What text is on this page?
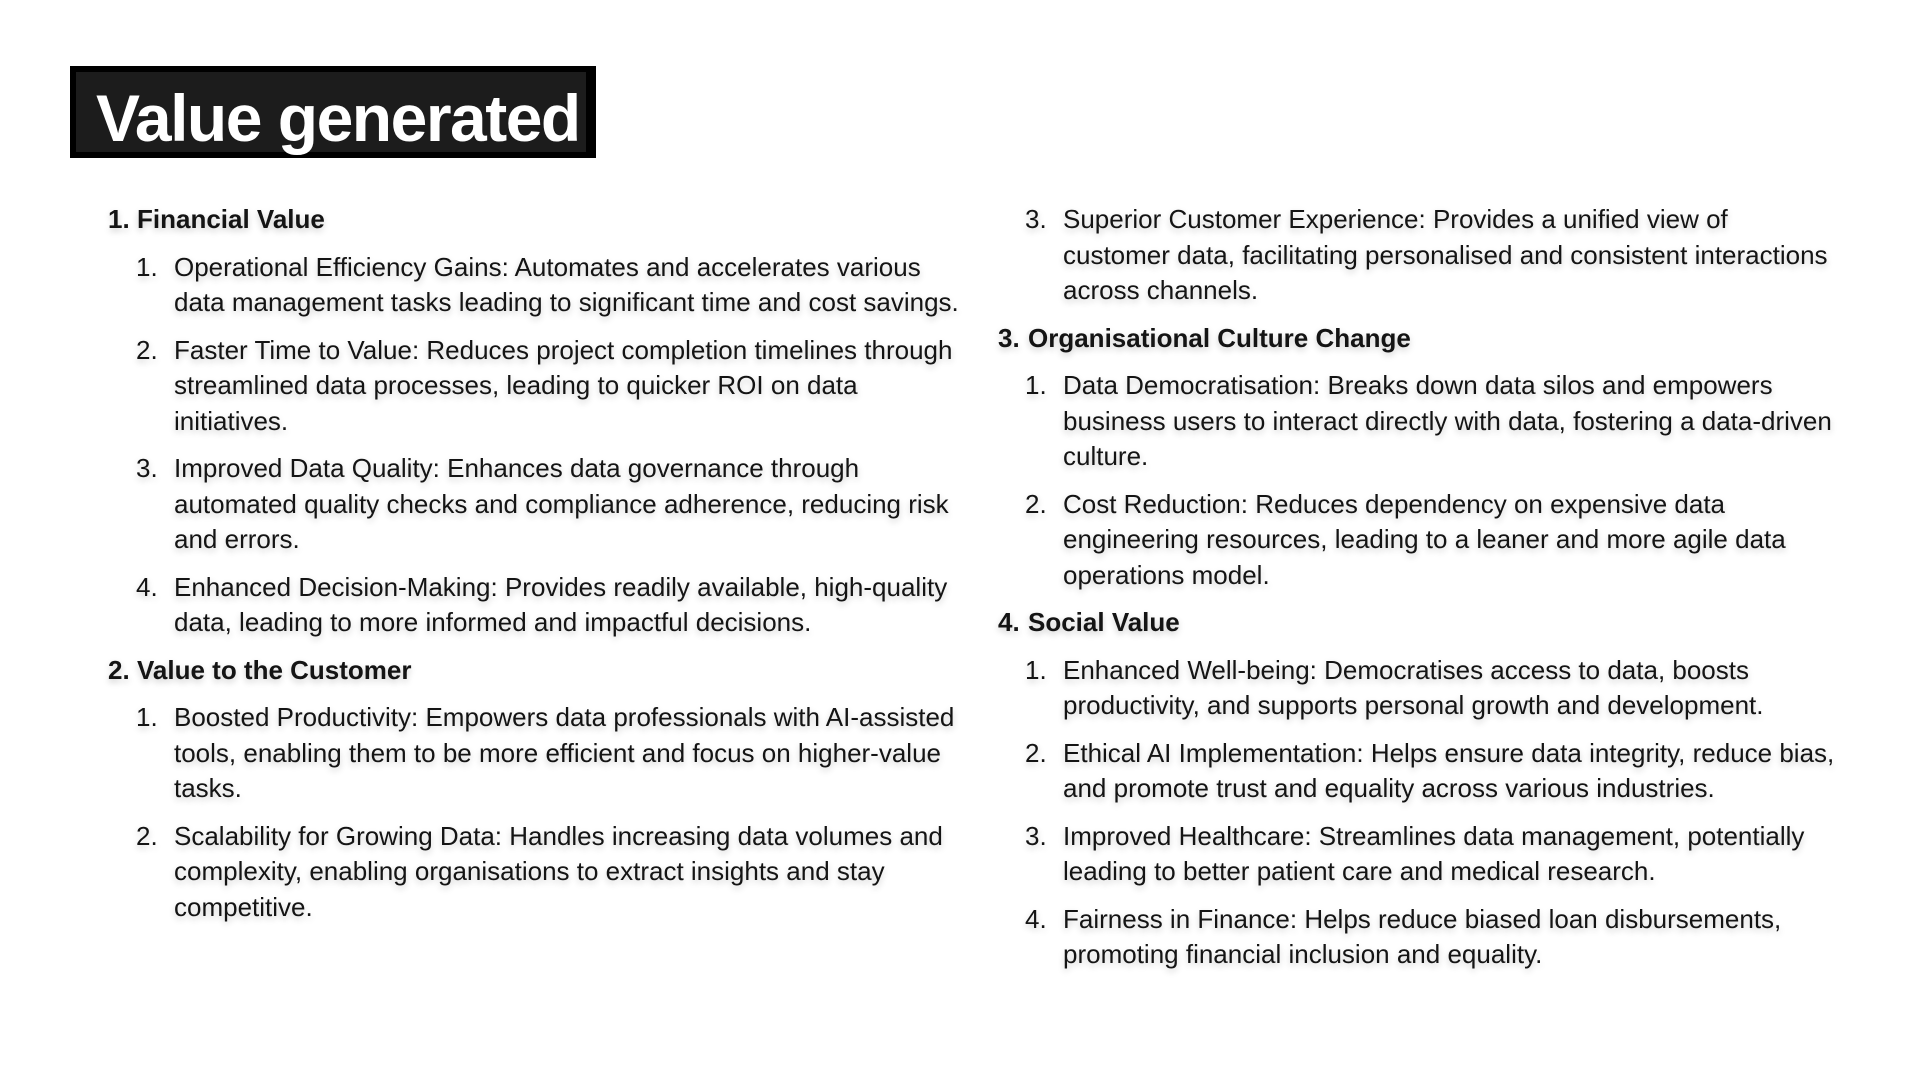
Value generated
1. Financial Value
1. Operational Efficiency Gains: Automates and accelerates various data management tasks leading to significant time and cost savings.
2. Faster Time to Value: Reduces project completion timelines through streamlined data processes, leading to quicker ROI on data initiatives.
3. Improved Data Quality: Enhances data governance through automated quality checks and compliance adherence, reducing risk and errors.
4. Enhanced Decision-Making: Provides readily available, high-quality data, leading to more informed and impactful decisions.
2. Value to the Customer
1. Boosted Productivity: Empowers data professionals with AI-assisted tools, enabling them to be more efficient and focus on higher-value tasks.
2. Scalability for Growing Data: Handles increasing data volumes and complexity, enabling organisations to extract insights and stay competitive.
3. Superior Customer Experience: Provides a unified view of customer data, facilitating personalised and consistent interactions across channels.
3. Organisational Culture Change
1. Data Democratisation: Breaks down data silos and empowers business users to interact directly with data, fostering a data-driven culture.
2. Cost Reduction: Reduces dependency on expensive data engineering resources, leading to a leaner and more agile data operations model.
4. Social Value
1. Enhanced Well-being: Democratises access to data, boosts productivity, and supports personal growth and development.
2. Ethical AI Implementation: Helps ensure data integrity, reduce bias, and promote trust and equality across various industries.
3. Improved Healthcare: Streamlines data management, potentially leading to better patient care and medical research.
4. Fairness in Finance: Helps reduce biased loan disbursements, promoting financial inclusion and equality.
